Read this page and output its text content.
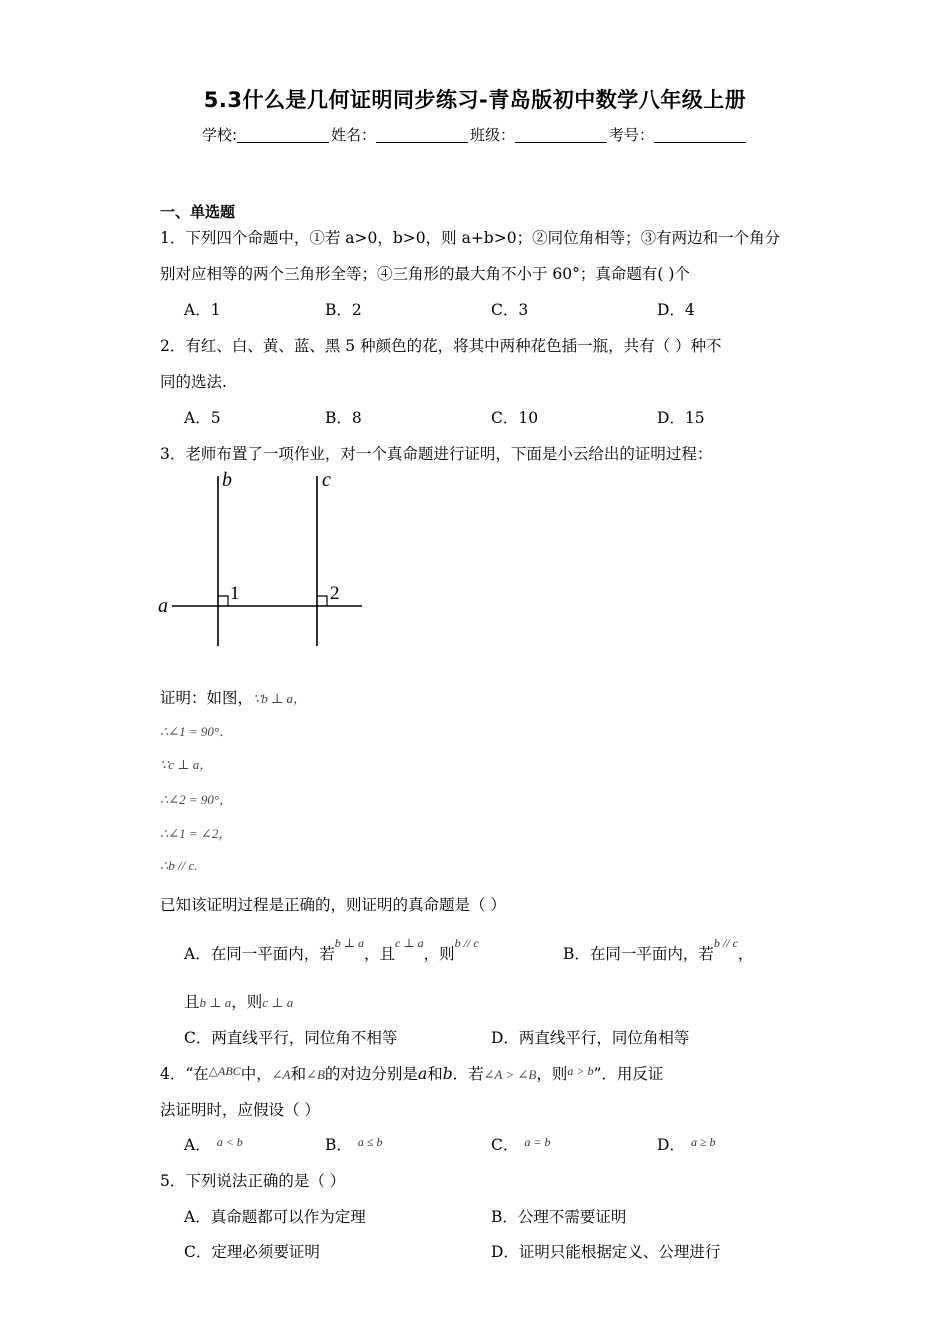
5.3什么是几何证明同步练习-青岛版初中数学八年级上册
学校:	姓名：	班级：	考号：
一、单选题
1．下列四个命题中，①若 a>0，b>0，则 a+b>0；②同位角相等；③有两边和一个角分
别对应相等的两个三角形全等；④三角形的最大角不小于 60°；真命题有( )个
A．1	B．2	C．3	D．4
2．有红、白、黄、蓝、黑 5 种颜色的花，将其中两种花色插一瓶，共有（ ）种不
同的选法.
A．5	B．8	C．10	D．15
3．老师布置了一项作业，对一个真命题进行证明，下面是小云给出的证明过程：
b	c
a
1	2
证明：如图，∵b ⊥ a，
∴∠1 = 90°．
∵c ⊥ a，
∴∠2 = 90°，
∴∠1 = ∠2，
∴b // c.
已知该证明过程是正确的，则证明的真命题是（ ）
A．在同一平面内，若$^{b \perp a}$，且$^{c \perp a}$，则$^{b // c}$
B．在同一平面内，若$^{b // c}$，
且b ⊥ a，则c ⊥ a
C．两直线平行，同位角不相等	D．两直线平行，同位角相等
4．“在$^{\triangle ABC}$中，∠A和∠B的对边分别是a和b．若∠A > ∠B，则$^{a > b}$”．用反证
法证明时，应假设（ ）
A． $^{a < b}$	B． $^{a \le b}$	C． $^{a = b}$	D． $^{a \ge b}$
5．下列说法正确的是（ ）
A．真命题都可以作为定理	B．公理不需要证明
C．定理必须要证明	D．证明只能根据定义、公理进行
